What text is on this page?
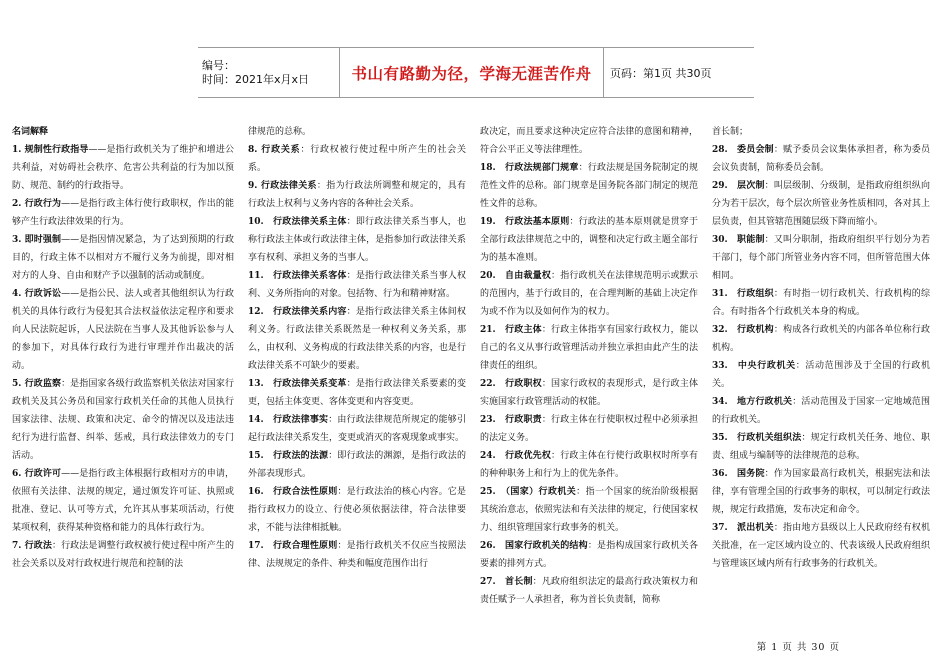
编号：
时间：2021年x月x日	书山有路勤为径，学海无涯苦作舟 页码：第1页 共30页
名词解释
1. 规制性行政指导——是指行政机关为了维护和增进公共利益，对妨碍社会秩序、危害公共利益的行为加以预防、规范、制约的行政指导。
2. 行政行为——是指行政主体行使行政职权，作出的能够产生行政法律效果的行为。
3. 即时强制——是指因情况紧急，为了达到预期的行政目的，行政主体不以相对方不履行义务为前提，即对相对方的人身、自由和财产予以强制的活动或制度。
4. 行政诉讼——是指公民、法人或者其他组织认为行政机关的具体行政行为侵犯其合法权益依法定程序和要求向人民法院起诉，人民法院在当事人及其他诉讼参与人的参加下，对具体行政行为进行审理并作出裁决的活动。
5. 行政监察：是指国家各级行政监察机关依法对国家行政机关及其公务员和国家行政机关任命的其他人员执行国家法律、法规、政策和决定、命令的情况以及违法违纪行为进行监督、纠举、惩戒，具行政法律效力的专门活动。
6. 行政许可——是指行政主体根据行政相对方的申请，依照有关法律、法规的规定，通过颁发许可证、执照或批准、登记、认可等方式，允许其从事某项活动，行使某项权利，获得某种资格和能力的具体行政行为。
7. 行政法：行政法是调整行政权被行使过程中所产生的社会关系以及对行政权进行规范和控制的法
律规范的总称。
8. 行政关系：行政权被行使过程中所产生的社会关系。
9. 行政法律关系：指为行政法所调整和规定的，具有行政法上权利与义务内容的各种社会关系。
10.　行政法律关系主体：即行政法律关系当事人，也称行政法主体或行政法律主体，是指参加行政法律关系享有权利、承担义务的当事人。
11.　行政法律关系客体：是指行政法律关系当事人权利、义务所指向的对象。包括物、行为和精神财富。
12.　行政法律关系内容：是指行政法律关系主体间权利义务。行政法律关系既然是一种权利义务关系，那么，由权利、义务构成的行政法律关系的内容，也是行政法律关系不可缺少的要素。
13.　行政法律关系变革：是指行政法律关系要素的变更，包括主体变更、客体变更和内容变更。
14.　行政法律事实：由行政法律规范所规定的能够引起行政法律关系发生，变更或消灭的客观现象或事实。
15.　行政法的法源：即行政法的渊源，是指行政法的外部表现形式。
16.　行政合法性原则：是行政法治的核心内容。它是指行政权力的设立、行使必须依据法律，符合法律要求，不能与法律相抵触。
17.　行政合理性原则：是指行政机关不仅应当按照法律、法规规定的条件、种类和幅度范围作出行
政决定，而且要求这种决定应符合法律的意图和精神，符合公平正义等法律理性。
18.　行政法规部门规章：行政法规是国务院制定的规范性文件的总称。部门规章是国务院各部门制定的规范性文件的总称。
19.　行政法基本原则：行政法的基本原则就是贯穿于全部行政法律规范之中的，调整和决定行政主题全部行为的基本准则。
20.　自由裁量权：指行政机关在法律规范明示或默示的范围内，基于行政目的，在合理判断的基础上决定作为或不作为以及如何作为的权力。
21.　行政主体：行政主体指享有国家行政权力，能以自己的名义从事行政管理活动并独立承担由此产生的法律责任的组织。
22.　行政职权：国家行政权的表现形式，是行政主体实施国家行政管理活动的权能。
23.　行政职责：行政主体在行使职权过程中必须承担的法定义务。
24.　行政优先权：行政主体在行使行政职权时所享有的种种职务上和行为上的优先条件。
25.　（国家）行政机关：指一个国家的统治阶级根据其统治意志，依照宪法和有关法律的规定，行使国家权力、组织管理国家行政事务的机关。
26.　国家行政机关的结构：是指构成国家行政机关各要素的排列方式。
27.　首长制：凡政府组织法定的最高行政决策权力和责任赋予一人承担者，称为首长负责制，简称
首长制；
28.　委员会制：赋予委员会议集体承担者，称为委员会议负责制，简称委员会制。
29.　层次制：叫层级制、分级制，是指政府组织纵向分为若干层次，每个层次所管业务性质相同，各对其上层负责，但其管辖范围随层级下降而缩小。
30.　职能制：又叫分职制，指政府组织平行划分为若干部门，每个部门所管业务内容不同，但所管范围大体相同。
31.　行政组织：有时指一切行政机关、行政机构的综合。有时指各个行政机关本身的构成。
32.　行政机构：构成各行政机关的内部各单位称行政机构。
33.　中央行政机关：活动范围涉及于全国的行政机关。
34.　地方行政机关：活动范围及于国家一定地域范围的行政机关。
35.　行政机关组织法：规定行政机关任务、地位、职责、组成与编制等的法律规范的总称。
36.　国务院：作为国家最高行政机关，根据宪法和法律，享有管理全国的行政事务的职权，可以制定行政法规，规定行政措施，发布决定和命令。
37.　派出机关：指由地方县级以上人民政府经有权机关批准，在一定区域内设立的、代表该级人民政府组织与管理该区域内所有行政事务的行政机关。
第 1 页 共 30 页
